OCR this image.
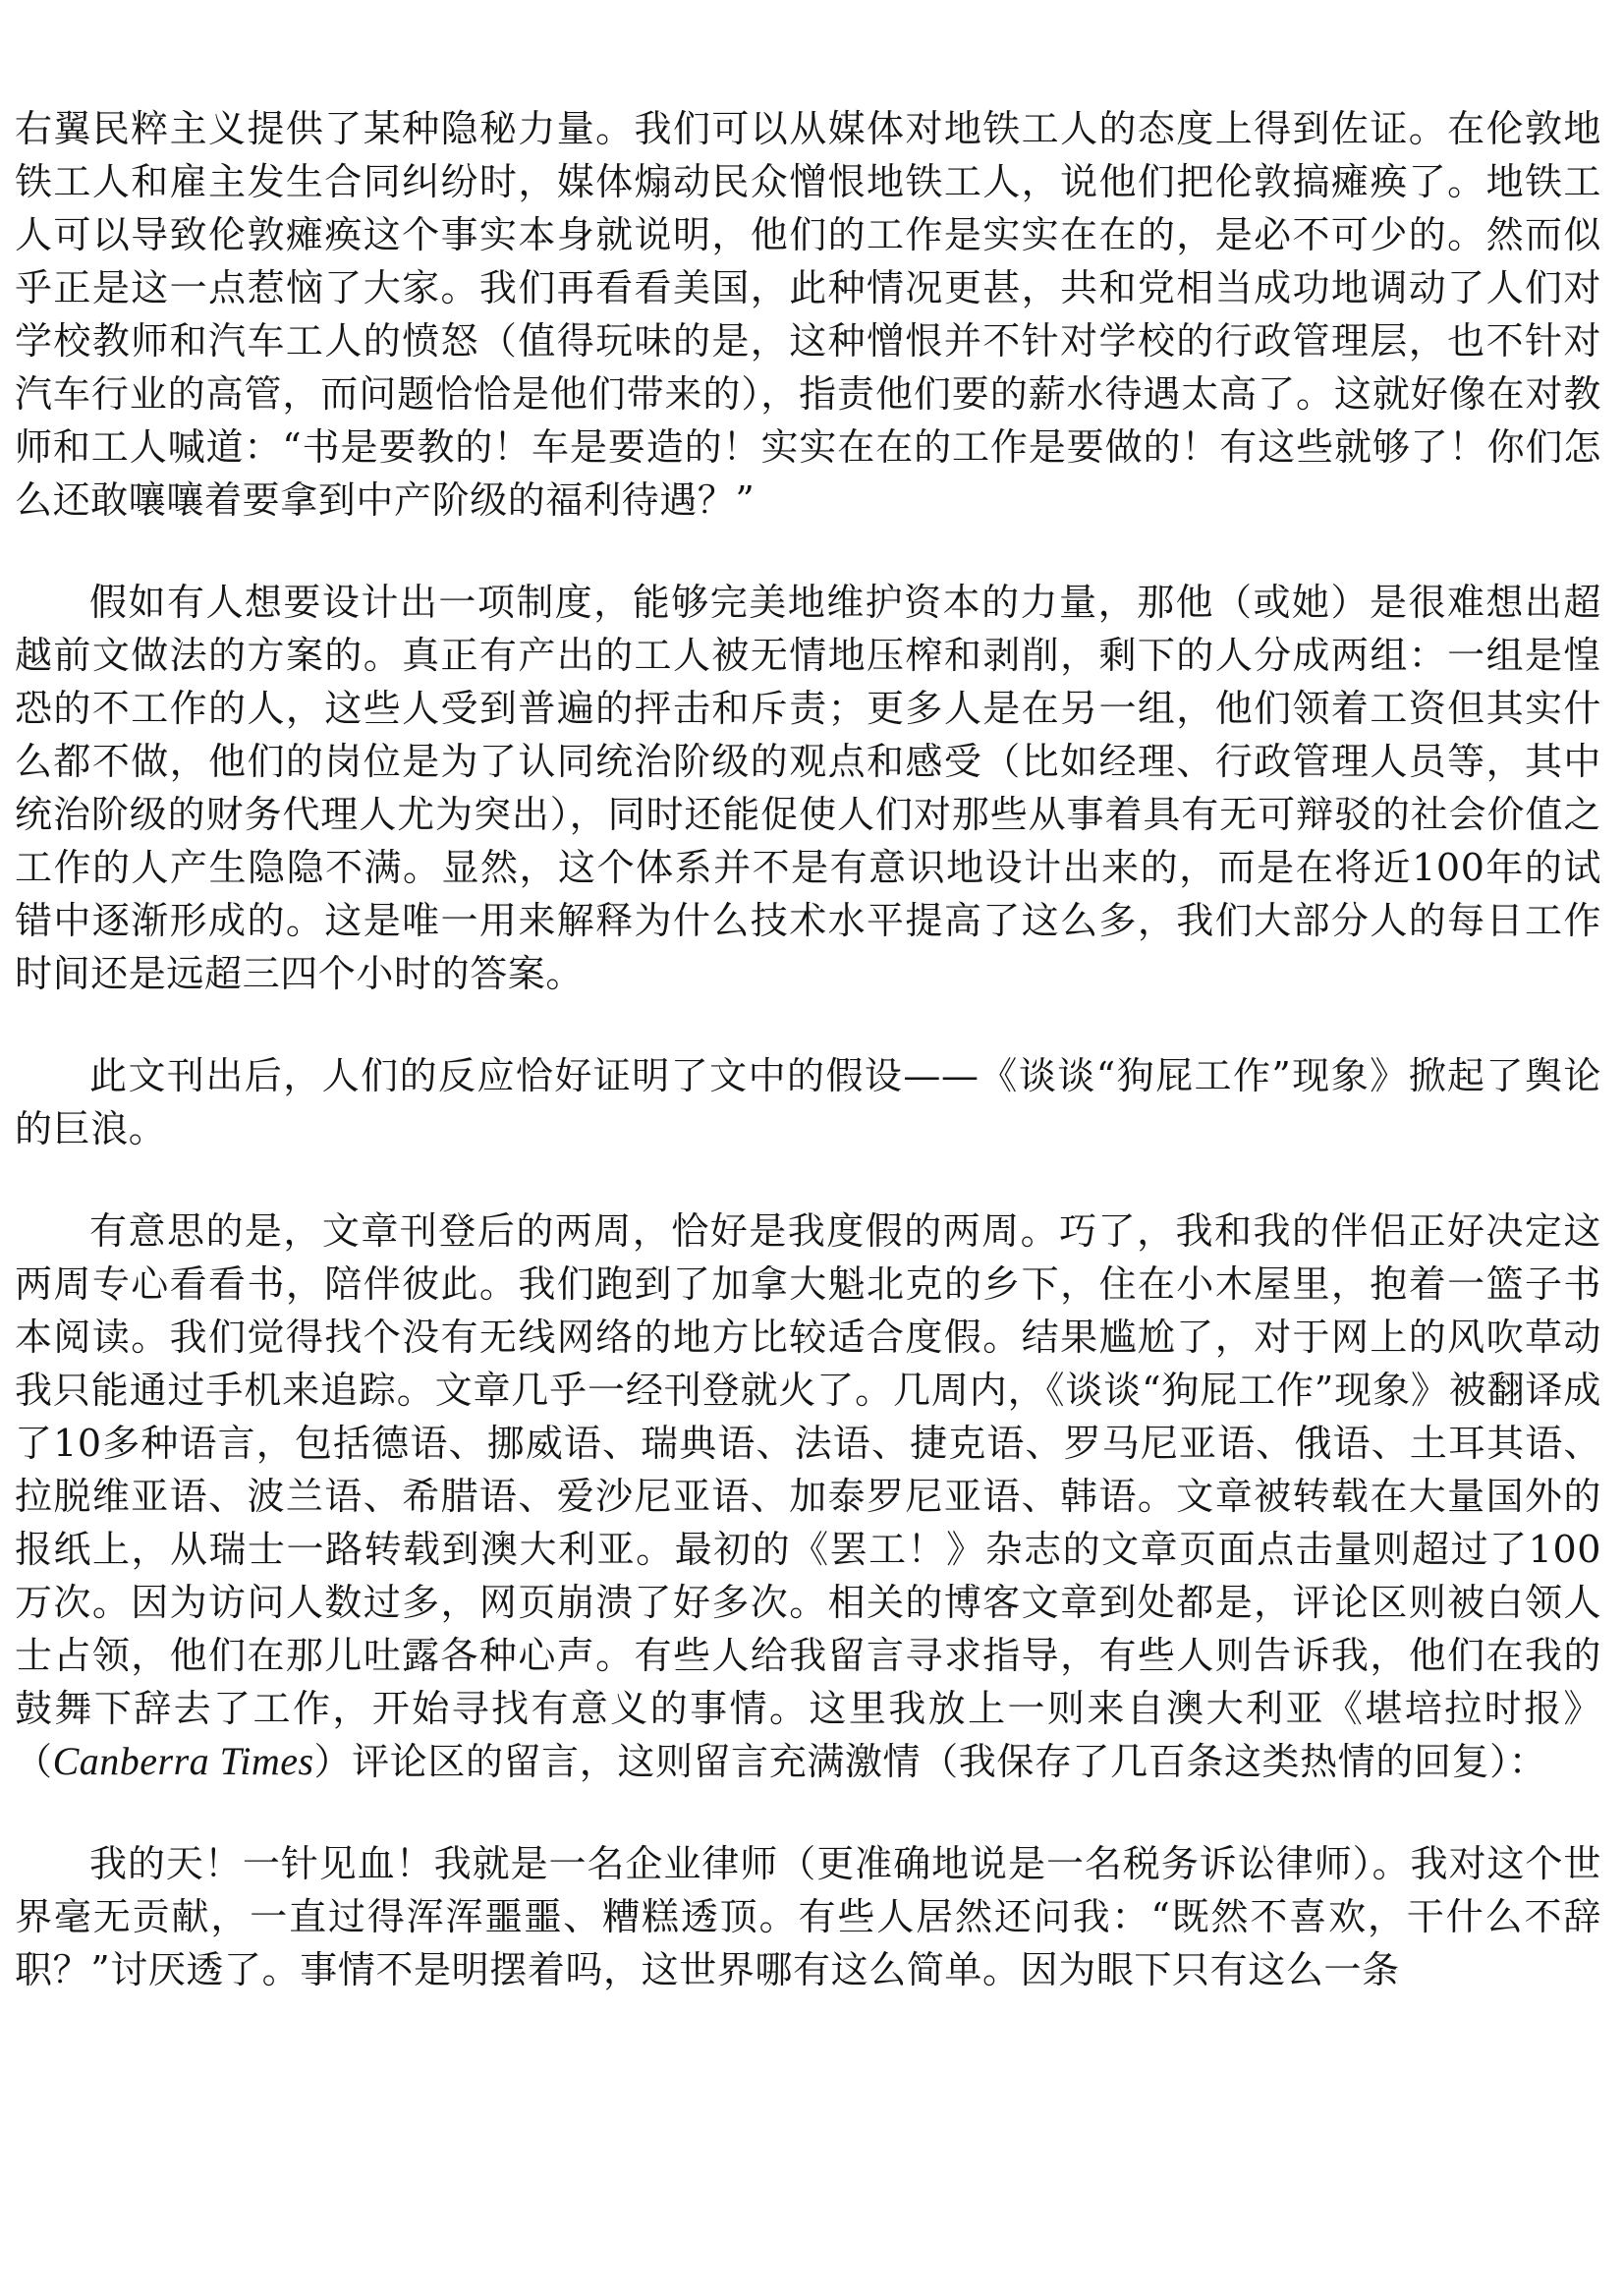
右翼民粹主义提供了某种隐秘力量。我们可以从媒体对地铁工人的态度上得到佐证。在伦敦地铁工人和雇主发生合同纠纷时，媒体煽动民众憎恨地铁工人，说他们把伦敦搞瘫痪了。地铁工人可以导致伦敦瘫痪这个事实本身就说明，他们的工作是实实在在的，是必不可少的。然而似乎正是这一点惹恼了大家。我们再看看美国，此种情况更甚，共和党相当成功地调动了人们对学校教师和汽车工人的愤怒（值得玩味的是，这种憎恨并不针对学校的行政管理层，也不针对汽车行业的高管，而问题恰恰是他们带来的），指责他们要的薪水待遇太高了。这就好像在对教师和工人喊道：“书是要教的！车是要造的！实实在在的工作是要做的！有这些就够了！你们怎么还敢嚷嚷着要拿到中产阶级的福利待遇？”

假如有人想要设计出一项制度，能够完美地维护资本的力量，那他（或她）是很难想出超越前文做法的方案的。真正有产出的工人被无情地压榨和剥削，剩下的人分成两组：一组是惶恐的不工作的人，这些人受到普遍的抨击和斥责；更多人是在另一组，他们领着工资但其实什么都不做，他们的岗位是为了认同统治阶级的观点和感受（比如经理、行政管理人员等，其中统治阶级的财务代理人尤为突出），同时还能促使人们对那些从事着具有无可辩驳的社会价值之工作的人产生隐隐不满。显然，这个体系并不是有意识地设计出来的，而是在将近100年的试错中逐渐形成的。这是唯一用来解释为什么技术水平提高了这么多，我们大部分人的每日工作时间还是远超三四个小时的答案。

此文刊出后，人们的反应恰好证明了文中的假设——《谈谈“狗屁工作”现象》掀起了舆论的巨浪。

有意思的是，文章刊登后的两周，恰好是我度假的两周。巧了，我和我的伴侣正好决定这两周专心看看书，陪伴彼此。我们跑到了加拿大魁北克的乡下，住在小木屋里，抱着一篮子书本阅读。我们觉得找个没有无线网络的地方比较适合度假。结果尴尬了，对于网上的风吹草动我只能通过手机来追踪。文章几乎一经刊登就火了。几周内，《谈谈“狗屁工作”现象》被翻译成了10多种语言，包括德语、挪威语、瑞典语、法语、捷克语、罗马尼亚语、俄语、土耳其语、拉脱维亚语、波兰语、希腊语、爱沙尼亚语、加泰罗尼亚语、韩语。文章被转载在大量国外的报纸上，从瑞士一路转载到澳大利亚。最初的《罢工！》杂志的文章页面点击量则超过了100万次。因为访问人数过多，网页崩溃了好多次。相关的博客文章到处都是，评论区则被白领人士占领，他们在那儿吐露各种心声。有些人给我留言寻求指导，有些人则告诉我，他们在我的鼓舞下辞去了工作，开始寻找有意义的事情。这里我放上一则来自澳大利亚《堪培拉时报》（Canberra Times）评论区的留言，这则留言充满激情（我保存了几百条这类热情的回复）：

我的天！一针见血！我就是一名企业律师（更准确地说是一名税务诉讼律师）。我对这个世界毫无贡献，一直过得浑浑噩噩、糟糕透顶。有些人居然还问我：“既然不喜欢，干什么不辞职？”讨厌透了。事情不是明摆着吗，这世界哪有这么简单。因为眼下只有这么一条
